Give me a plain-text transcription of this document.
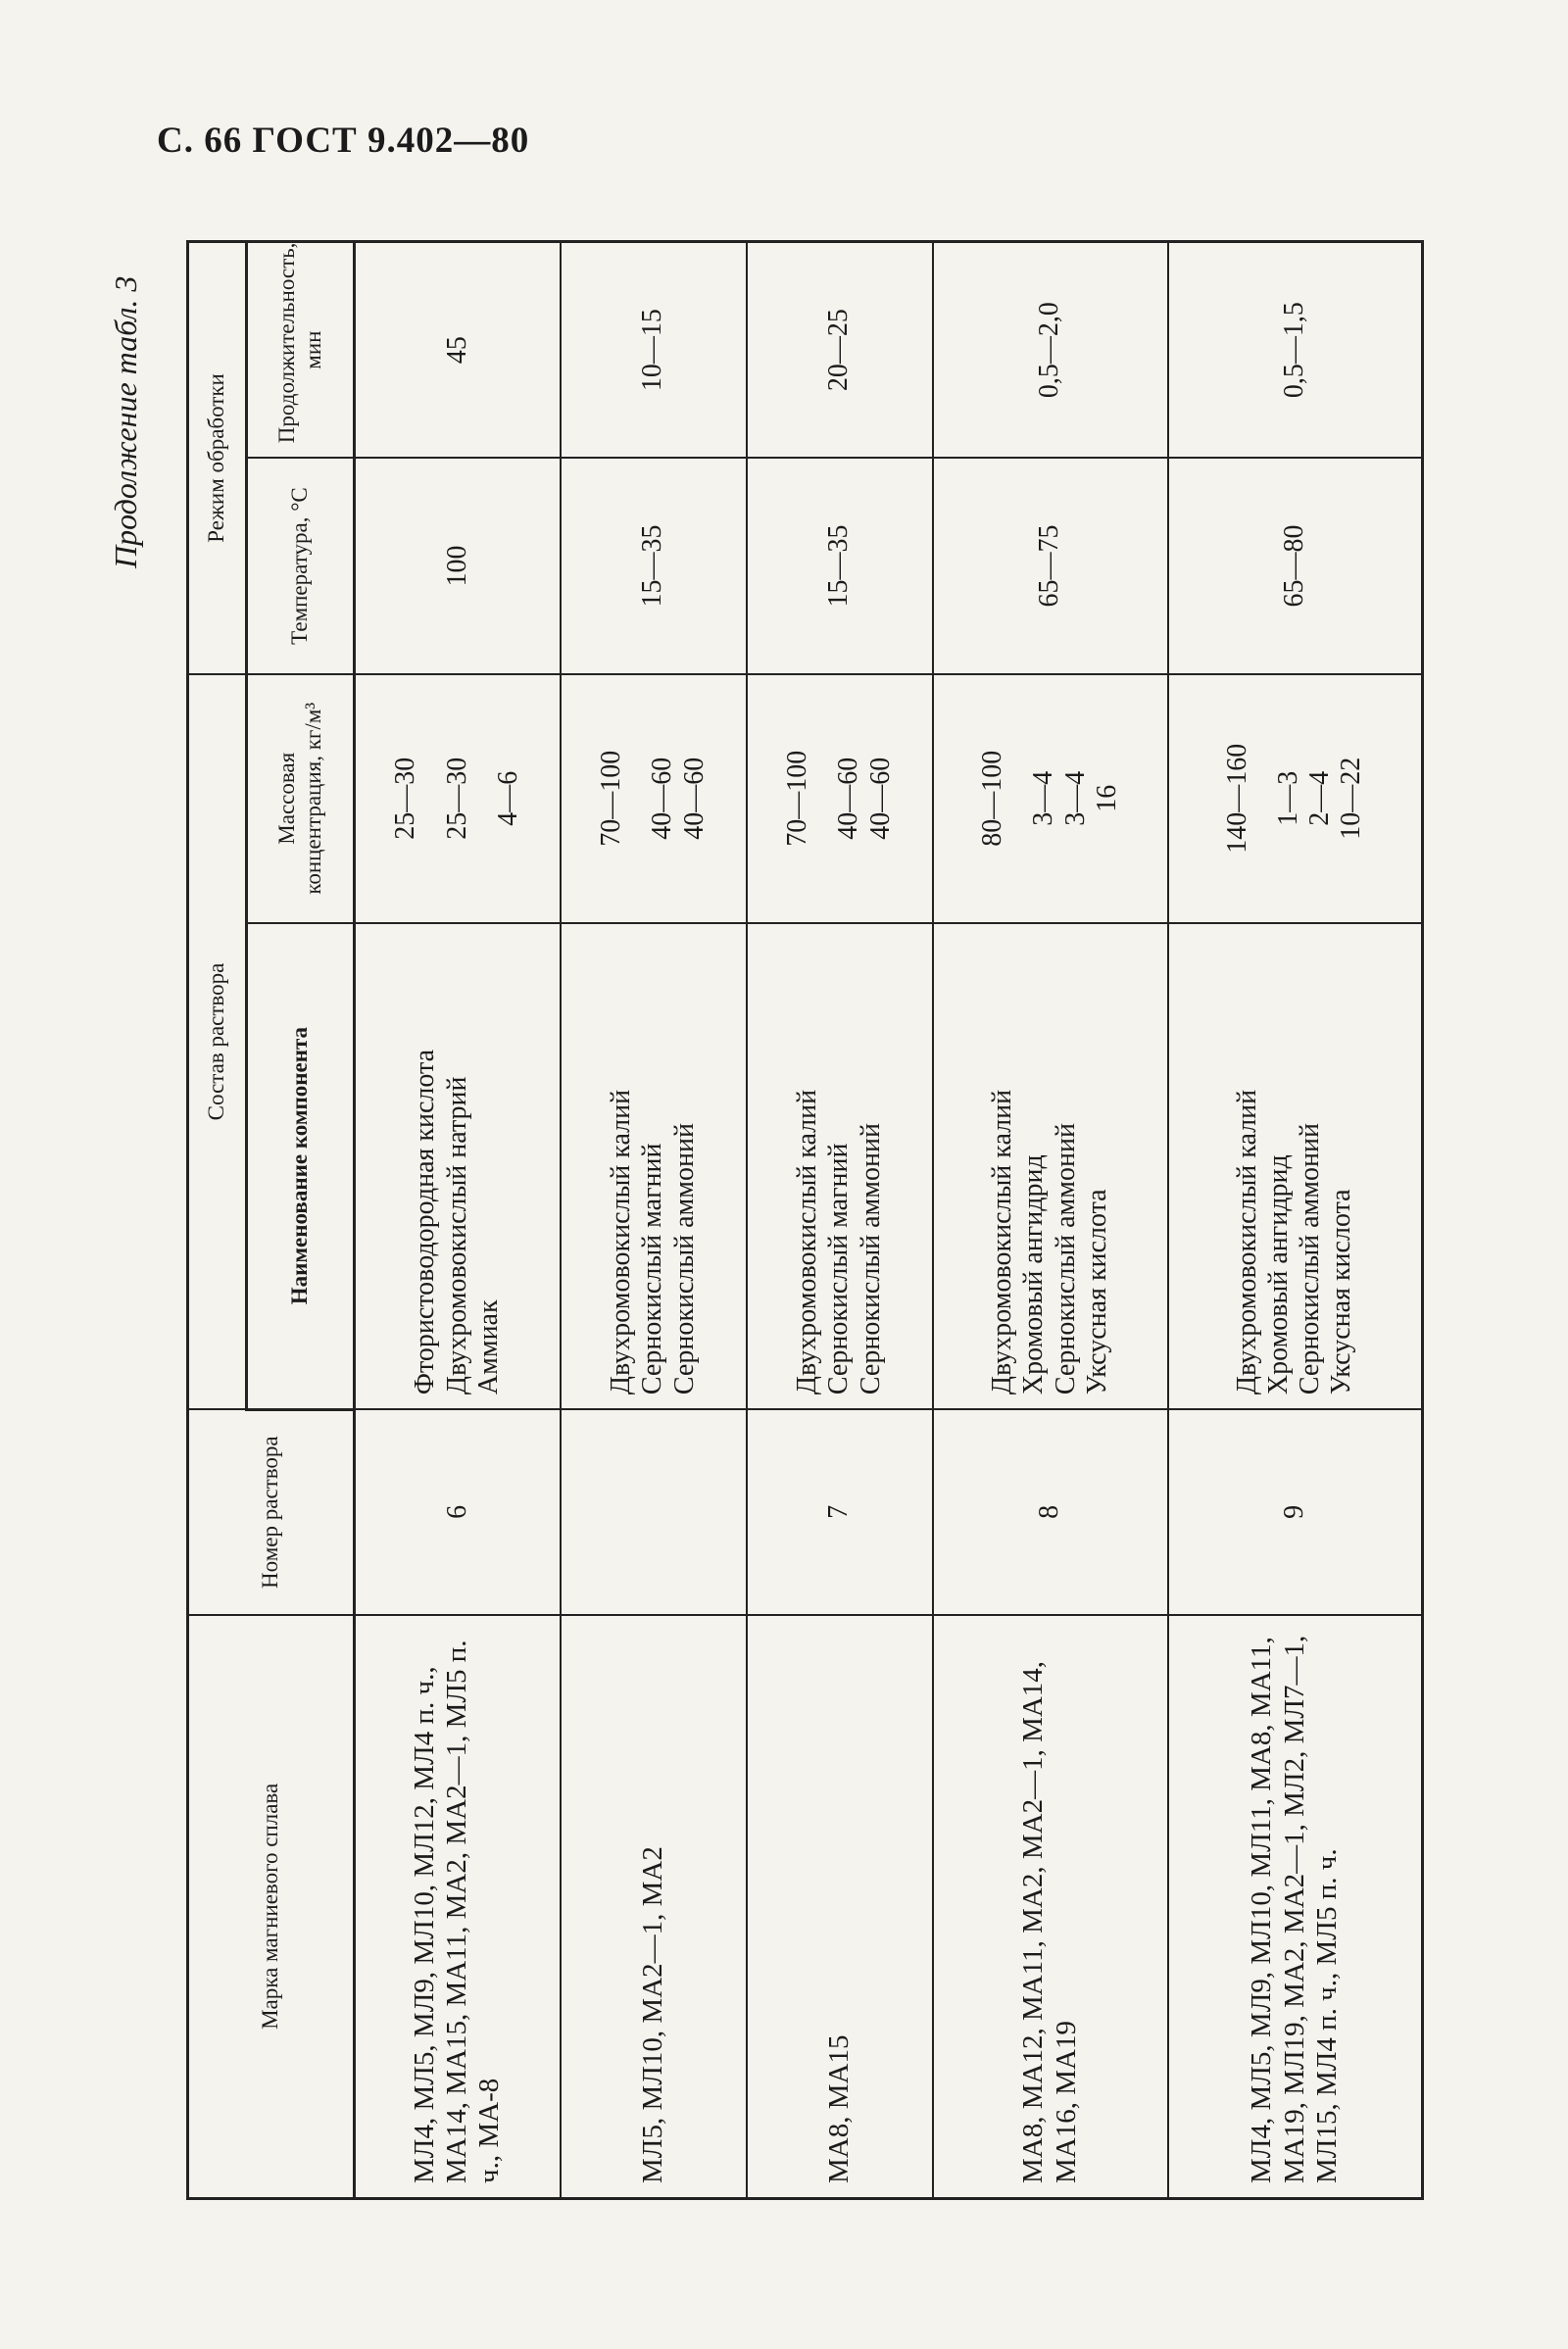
С. 66 ГОСТ 9.402—80
Продолжение табл. 3
Марка магниевого сплава	Номер раствора	Состав раствора		Режим обработки	
		Наименование компонента	Массовая концентрация, кг/м³	Температура, °С	Продолжительность, мин
МЛ4, МЛ5, МЛ9, МЛ10, МЛ12, МЛ4 п. ч., МА14, МА15, МА11, МА2, МА2—1, МЛ5 п. ч., МА-8	6	Фтористоводородная кислота Двухромовокислый натрий Аммиак	25—30 25—30 4—6	100	45
МЛ5, МЛ10, МА2—1, МА2		Двухромовокислый калий Сернокислый магний Сернокислый аммоний	70—100 40—60 40—60	15—35	10—15
МА8, МА15	7	Двухромовокислый калий Сернокислый магний Сернокислый аммоний	70—100 40—60 40—60	15—35	20—25
МА8, МА12, МА11, МА2, МА2—1, МА14, МА16, МА19	8	Двухромовокислый калий Хромовый ангидрид Сернокислый аммоний Уксусная кислота	80—100 3—4 3—4 16	65—75	0,5—2,0
МЛ4, МЛ5, МЛ9, МЛ10, МЛ11, МА8, МА11, МА19, МЛ19, МА2, МА2—1, МЛ2, МЛ7—1, МЛ15, МЛ4 п. ч., МЛ5 п. ч.	9	Двухромовокислый калий Хромовый ангидрид Сернокислый аммоний Уксусная кислота	140—160 1—3 2—4 10—22	65—80	0,5—1,5
